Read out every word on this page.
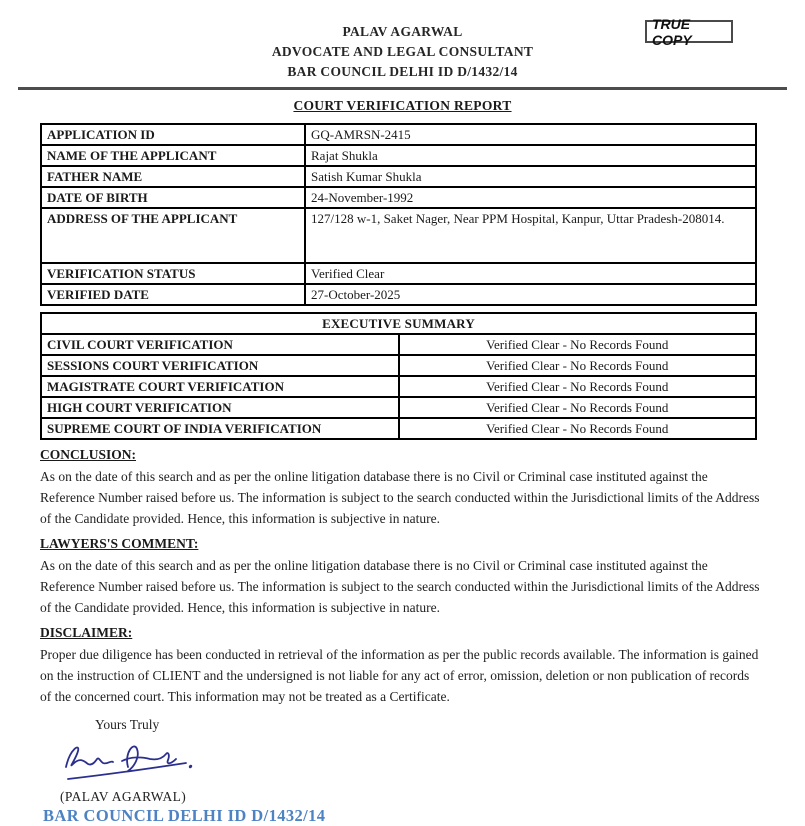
TRUE COPY
PALAV AGARWAL
ADVOCATE AND LEGAL CONSULTANT
BAR COUNCIL DELHI ID D/1432/14
COURT VERIFICATION REPORT
APPLICATION ID	GQ-AMRSN-2415
NAME OF THE APPLICANT	Rajat Shukla
FATHER NAME	Satish Kumar Shukla
DATE OF BIRTH	24-November-1992
ADDRESS OF THE APPLICANT	127/128 w-1, Saket Nager, Near PPM Hospital, Kanpur, Uttar Pradesh-208014.
VERIFICATION STATUS	Verified Clear
VERIFIED DATE	27-October-2025
EXECUTIVE SUMMARY	
CIVIL COURT VERIFICATION	Verified Clear - No Records Found
SESSIONS COURT VERIFICATION	Verified Clear - No Records Found
MAGISTRATE COURT VERIFICATION	Verified Clear - No Records Found
HIGH COURT VERIFICATION	Verified Clear - No Records Found
SUPREME COURT OF INDIA VERIFICATION	Verified Clear - No Records Found
CONCLUSION:
As on the date of this search and as per the online litigation database there is no Civil or Criminal case instituted against the Reference Number raised before us. The information is subject to the search conducted within the Jurisdictional limits of the Address of the Candidate provided. Hence, this information is subjective in nature.
LAWYERS'S COMMENT:
As on the date of this search and as per the online litigation database there is no Civil or Criminal case instituted against the Reference Number raised before us. The information is subject to the search conducted within the Jurisdictional limits of the Address of the Candidate provided. Hence, this information is subjective in nature.
DISCLAIMER:
Proper due diligence has been conducted in retrieval of the information as per the public records available. The information is gained on the instruction of CLIENT and the undersigned is not liable for any act of error, omission, deletion or non publication of records of the concerned court. This information may not be treated as a Certificate.
Yours Truly
(PALAV AGARWAL)
BAR COUNCIL DELHI ID D/1432/14
